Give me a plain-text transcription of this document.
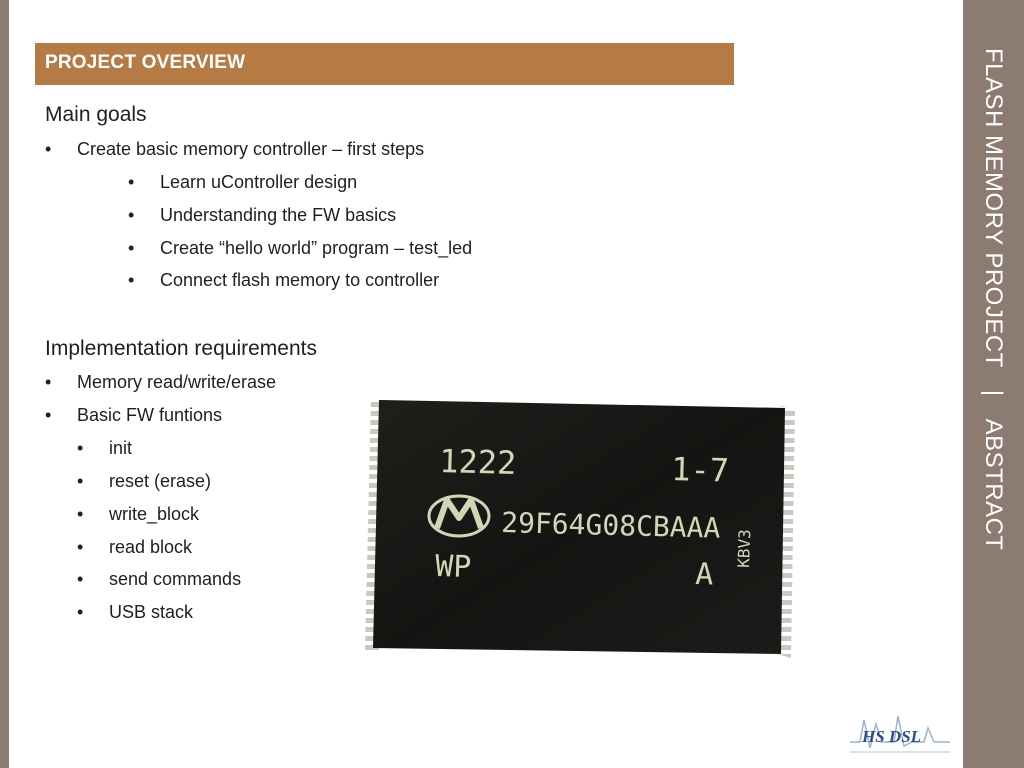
FLASH MEMORY PROJECT
|
ABSTRACT
PROJECT OVERVIEW
Main goals
• Create basic memory controller – first steps
• Learn uController design
• Understanding the FW basics
• Create “hello world” program – test_led
• Connect flash memory to controller
Implementation requirements
• Memory read/write/erase
• Basic FW funtions
• init
• reset (erase)
• write_block
• read block
• send commands
• USB stack
1222	1-7
29F64G08CBAAA
WP	A
KBV3
HS DSL
